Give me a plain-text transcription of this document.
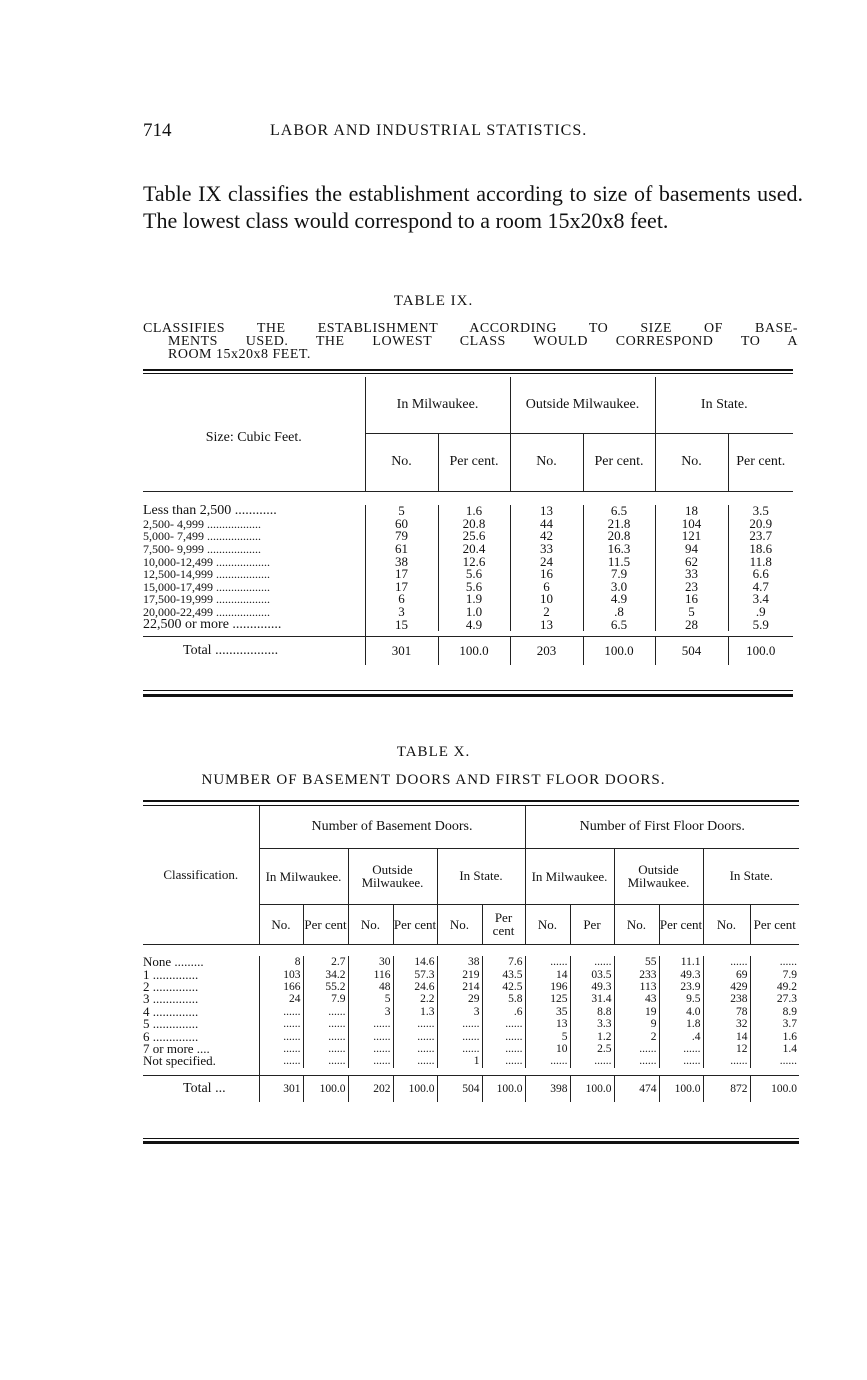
714	LABOR AND INDUSTRIAL STATISTICS.
Table IX classifies the establishment according to size of basements used. The lowest class would correspond to a room 15x20x8 feet.
TABLE IX.
CLASSIFIES THE ESTABLISHMENT ACCORDING TO SIZE OF BASE-
MENTS USED. THE LOWEST CLASS WOULD CORRESPOND TO A
ROOM 15x20x8 FEET.
Size: Cubic Feet.	In Milwaukee.		Outside Milwaukee.		In State.	
	No.	Per cent.	No.	Per cent.	No.	Per cent.

Less than 2,500 ............	5	1.6	13	6.5	18	3.5
2,500- 4,999 ..................	60	20.8	44	21.8	104	20.9
5,000- 7,499 ..................	79	25.6	42	20.8	121	23.7
7,500- 9,999 ..................	61	20.4	33	16.3	94	18.6
10,000-12,499 ..................	38	12.6	24	11.5	62	11.8
12,500-14,999 ..................	17	5.6	16	7.9	33	6.6
15,000-17,499 ..................	17	5.6	6	3.0	23	4.7
17,500-19,999 ..................	6	1.9	10	4.9	16	3.4
20,000-22,499 ..................	3	1.0	2	.8	5	.9
22,500 or more ..............	15	4.9	13	6.5	28	5.9

Total ..................	301	100.0	203	100.0	504	100.0
TABLE X.
NUMBER OF BASEMENT DOORS AND FIRST FLOOR DOORS.
Classification.	Number of Basement Doors.						Number of First Floor Doors.					
	In Milwaukee.		Outside Milwaukee.		In State.		In Milwaukee.		Outside Milwaukee.		In State.	
	No.	Per cent	No.	Per cent	No.	Per cent	No.	Per	No.	Per cent	No.	Per cent

None .........	8	2.7	30	14.6	38	7.6	......	......	55	11.1	......	......
1 ..............	103	34.2	116	57.3	219	43.5	14	03.5	233	49.3	69	7.9
2 ..............	166	55.2	48	24.6	214	42.5	196	49.3	113	23.9	429	49.2
3 ..............	24	7.9	5	2.2	29	5.8	125	31.4	43	9.5	238	27.3
4 ..............	......	......	3	1.3	3	.6	35	8.8	19	4.0	78	8.9
5 ..............	......	......	......	......	......	......	13	3.3	9	1.8	32	3.7
6 ..............	......	......	......	......	......	......	5	1.2	2	.4	14	1.6
7 or more ....	......	......	......	......	......	......	10	2.5	......	......	12	1.4
Not specified.	......	......	......	......	1	......	......	......	......	......	......	......

Total ...	301	100.0	202	100.0	504	100.0	398	100.0	474	100.0	872	100.0
